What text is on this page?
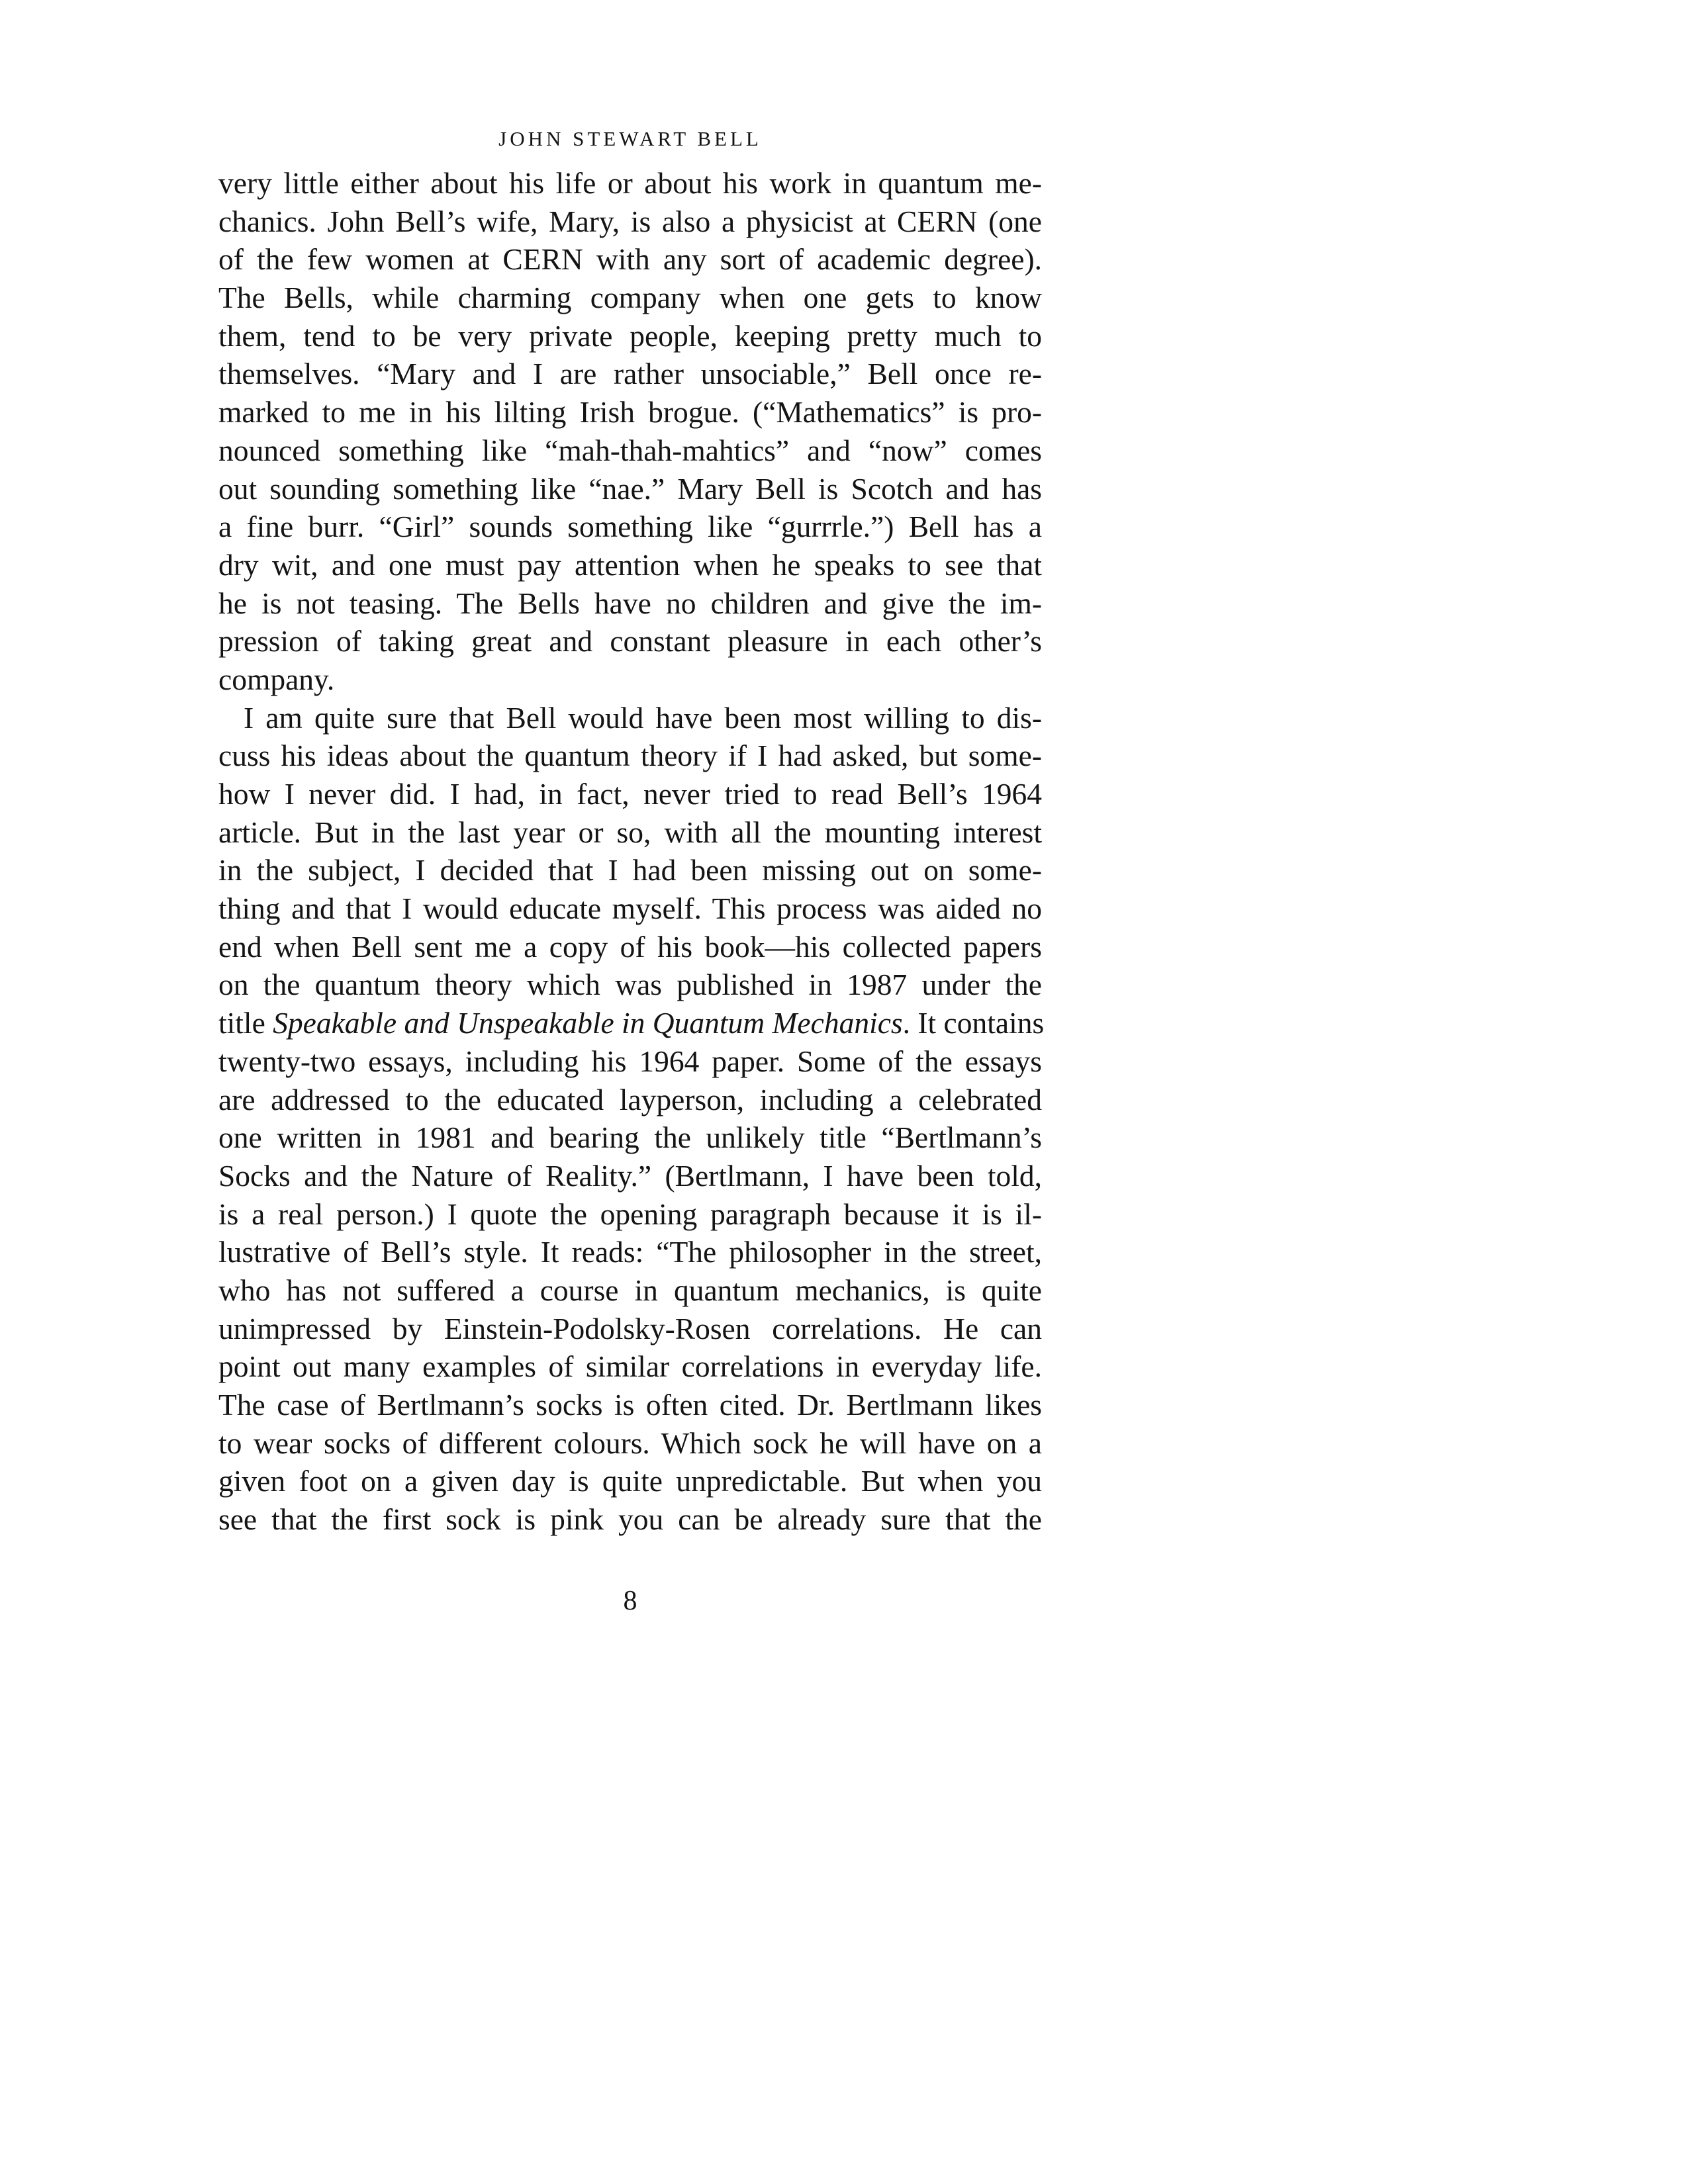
JOHN STEWART BELL
very little either about his life or about his work in quantum me-
chanics. John Bell’s wife, Mary, is also a physicist at CERN (one
of the few women at CERN with any sort of academic degree).
The Bells, while charming company when one gets to know
them, tend to be very private people, keeping pretty much to
themselves. “Mary and I are rather unsociable,” Bell once re-
marked to me in his lilting Irish brogue. (“Mathematics” is pro-
nounced something like “mah-thah-mahtics” and “now” comes
out sounding something like “nae.” Mary Bell is Scotch and has
a fine burr. “Girl” sounds something like “gurrrle.”) Bell has a
dry wit, and one must pay attention when he speaks to see that
he is not teasing. The Bells have no children and give the im-
pression of taking great and constant pleasure in each other’s
company.
I am quite sure that Bell would have been most willing to dis-
cuss his ideas about the quantum theory if I had asked, but some-
how I never did. I had, in fact, never tried to read Bell’s 1964
article. But in the last year or so, with all the mounting interest
in the subject, I decided that I had been missing out on some-
thing and that I would educate myself. This process was aided no
end when Bell sent me a copy of his book—his collected papers
on the quantum theory which was published in 1987 under the
title Speakable and Unspeakable in Quantum Mechanics. It contains
twenty-two essays, including his 1964 paper. Some of the essays
are addressed to the educated layperson, including a celebrated
one written in 1981 and bearing the unlikely title “Bertlmann’s
Socks and the Nature of Reality.” (Bertlmann, I have been told,
is a real person.) I quote the opening paragraph because it is il-
lustrative of Bell’s style. It reads: “The philosopher in the street,
who has not suffered a course in quantum mechanics, is quite
unimpressed by Einstein-Podolsky-Rosen correlations. He can
point out many examples of similar correlations in everyday life.
The case of Bertlmann’s socks is often cited. Dr. Bertlmann likes
to wear socks of different colours. Which sock he will have on a
given foot on a given day is quite unpredictable. But when you
see that the first sock is pink you can be already sure that the
8
